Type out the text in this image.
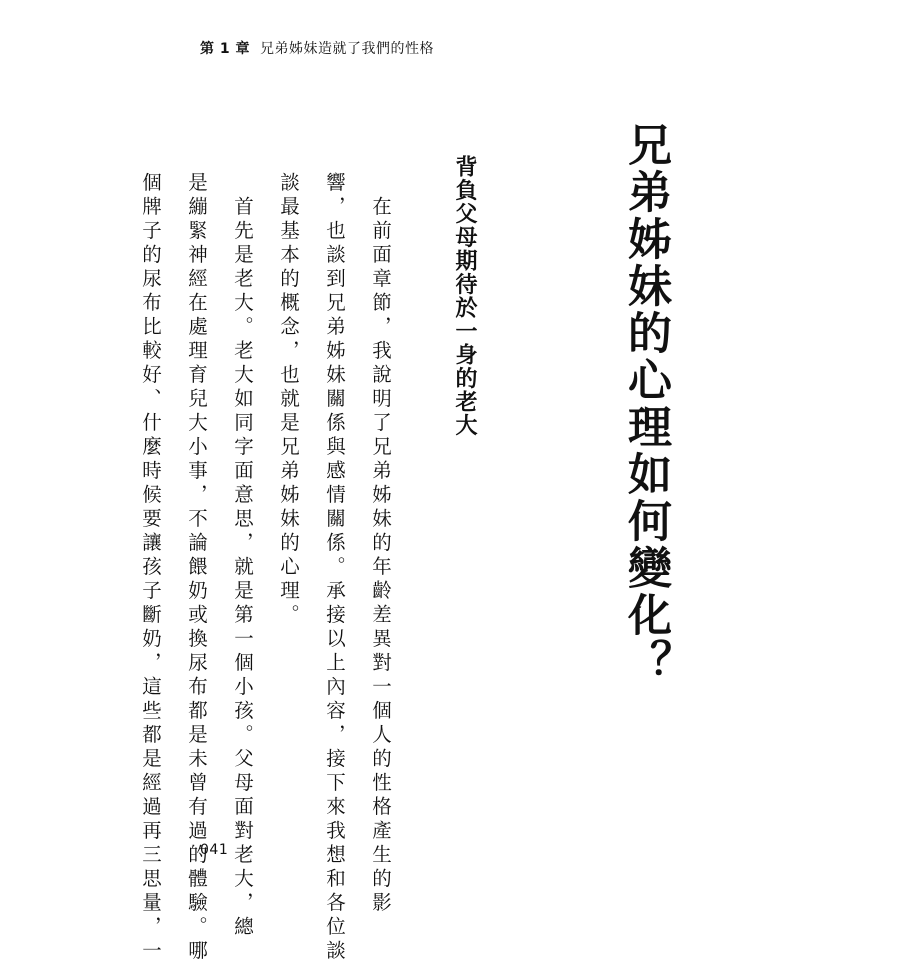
第 1 章 兄弟姊妹造就了我們的性格
兄弟姊妹的心理如何變化？
背負父母期待於一身的老大
在前面章節，我說明了兄弟姊妹的年齡差異對一個人的性格產生的影
響，也談到兄弟姊妹關係與感情關係。承接以上內容，接下來我想和各位談
談最基本的概念，也就是兄弟姊妹的心理。
首先是老大。老大如同字面意思，就是第一個小孩。父母面對老大，總
是繃緊神經在處理育兒大小事，不論餵奶或換尿布都是未曾有過的體驗。哪
個牌子的尿布比較好、什麼時候要讓孩子斷奶，這些都是經過再三思量，一	041
